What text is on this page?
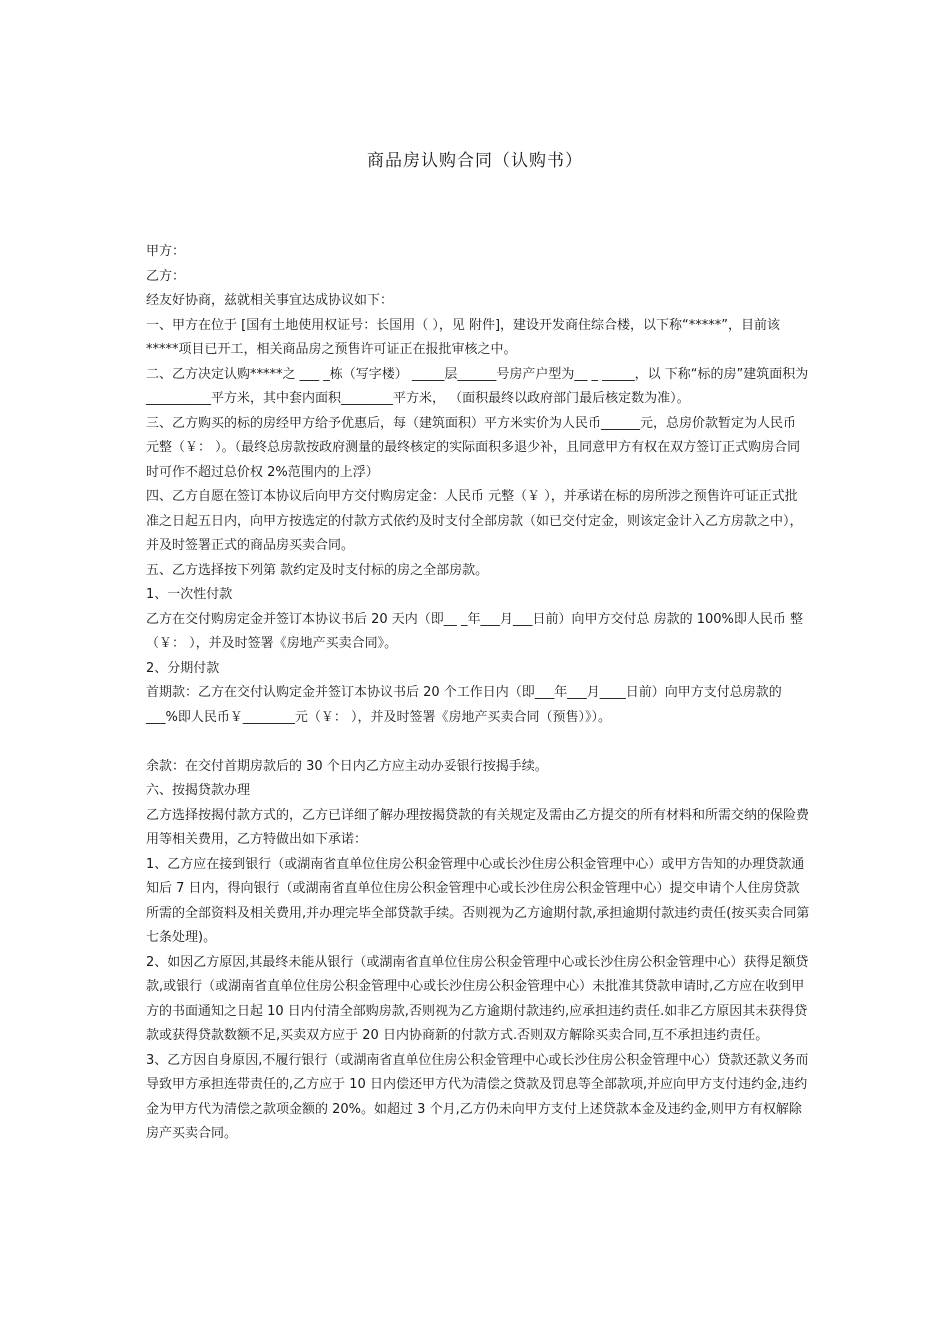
商品房认购合同（认购书）

甲方：

乙方：

经友好协商，兹就相关事宜达成协议如下：

一、甲方在位于 [国有土地使用权证号：长国用（ ），见 附件]，建设开发商住综合楼，以下称“*****”，目前该*****项目已开工，相关商品房之预售许可证正在报批审核之中。

二、乙方决定认购*****之 ___ _栋（写字楼） _____层______号房产户型为__ _ _____，以 下称“标的房”建筑面积为__________平方米，其中套内面积________平方米， （面积最终以政府部门最后核定数为准）。

三、乙方购买的标的房经甲方给予优惠后，每（建筑面积）平方米实价为人民币______元，总房价款暂定为人民币 元整（￥： ）。（最终总房款按政府测量的最终核定的实际面积多退少补，且同意甲方有权在双方签订正式购房合同时可作不超过总价权 2%范围内的上浮）

四、乙方自愿在签订本协议后向甲方交付购房定金：人民币 元整（￥ ），并承诺在标的房所涉之预售许可证正式批准之日起五日内，向甲方按选定的付款方式依约及时支付全部房款（如已交付定金，则该定金计入乙方房款之中），并及时签署正式的商品房买卖合同。

五、乙方选择按下列第 款约定及时支付标的房之全部房款。

1、一次性付款

乙方在交付购房定金并签订本协议书后 20 天内（即__ _年___月___日前）向甲方交付总 房款的 100%即人民币 整（￥： ），并及时签署《房地产买卖合同》。

2、分期付款

首期款：乙方在交付认购定金并签订本协议书后 20 个工作日内（即___年___月____日前）向甲方支付总房款的___%即人民币￥________元（￥： ），并及时签署《房地产买卖合同（预售）》）。

余款：在交付首期房款后的 30 个日内乙方应主动办妥银行按揭手续。

六、按揭贷款办理

乙方选择按揭付款方式的，乙方已详细了解办理按揭贷款的有关规定及需由乙方提交的所有材料和所需交纳的保险费用等相关费用，乙方特做出如下承诺：

1、乙方应在接到银行（或湖南省直单位住房公积金管理中心或长沙住房公积金管理中心）或甲方告知的办理贷款通知后 7 日内，得向银行（或湖南省直单位住房公积金管理中心或长沙住房公积金管理中心）提交申请个人住房贷款所需的全部资料及相关费用,并办理完毕全部贷款手续。否则视为乙方逾期付款,承担逾期付款违约责任(按买卖合同第七条处理)。

2、如因乙方原因,其最终未能从银行（或湖南省直单位住房公积金管理中心或长沙住房公积金管理中心）获得足额贷款,或银行（或湖南省直单位住房公积金管理中心或长沙住房公积金管理中心）未批准其贷款申请时,乙方应在收到甲方的书面通知之日起 10 日内付清全部购房款,否则视为乙方逾期付款违约,应承担违约责任.如非乙方原因其未获得贷款或获得贷款数额不足,买卖双方应于 20 日内协商新的付款方式.否则双方解除买卖合同,互不承担违约责任。

3、乙方因自身原因,不履行银行（或湖南省直单位住房公积金管理中心或长沙住房公积金管理中心）贷款还款义务而导致甲方承担连带责任的,乙方应于 10 日内偿还甲方代为清偿之贷款及罚息等全部款项,并应向甲方支付违约金,违约金为甲方代为清偿之款项金额的 20%。如超过 3 个月,乙方仍未向甲方支付上述贷款本金及违约金,则甲方有权解除房产买卖合同。
